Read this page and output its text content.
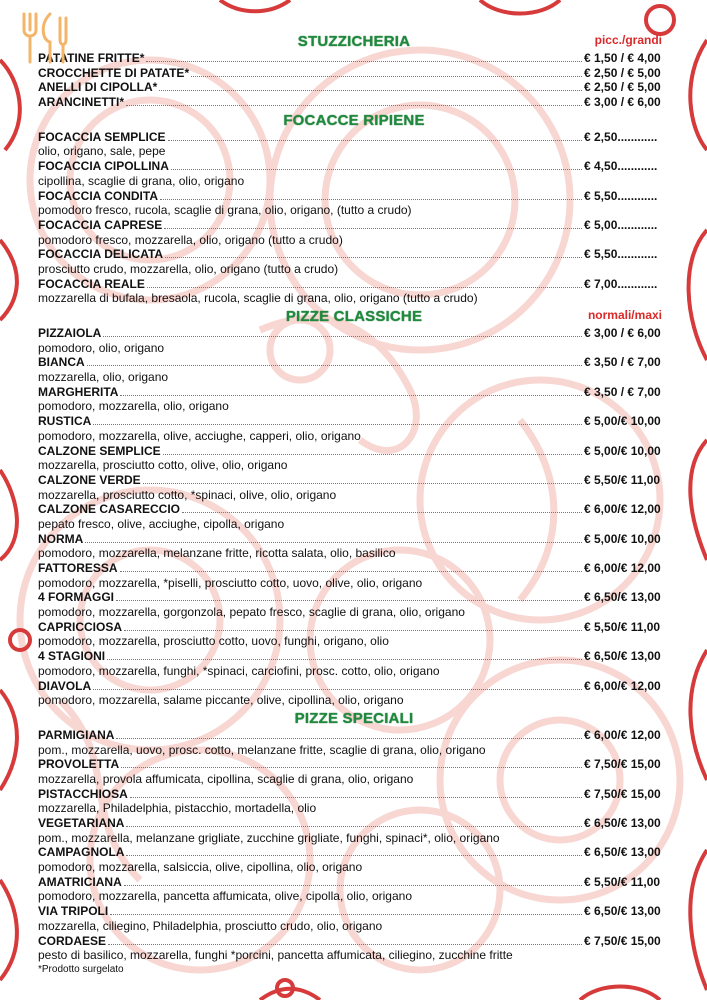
STUZZICHERIA	picc./grandi
PATATINE FRITTE*	€ 1,50 / € 4,00
CROCCHETTE DI PATATE*	€ 2,50 / € 5,00
ANELLI DI CIPOLLA*	€ 2,50 / € 5,00
ARANCINETTI*	€ 3,00 / € 6,00
FOCACCE RIPIENE
FOCACCIA SEMPLICE	€ 2,50............
olio, origano, sale, pepe
FOCACCIA CIPOLLINA	€ 4,50............
cipollina, scaglie di grana, olio, origano
FOCACCIA CONDITA	€ 5,50............
pomodoro fresco, rucola, scaglie di grana, olio, origano, (tutto a crudo)
FOCACCIA CAPRESE	€ 5,00............
pomodoro fresco, mozzarella, olio, origano (tutto a crudo)
FOCACCIA DELICATA	€ 5,50............
prosciutto crudo, mozzarella, olio, origano (tutto a crudo)
FOCACCIA REALE	€ 7,00............
mozzarella di bufala, bresaola, rucola, scaglie di grana, olio, origano (tutto a crudo)
PIZZE CLASSICHE	normali/maxi
PIZZAIOLA	€ 3,00 / € 6,00
pomodoro, olio, origano
BIANCA	€ 3,50 / € 7,00
mozzarella, olio, origano
MARGHERITA	€ 3,50 / € 7,00
pomodoro, mozzarella, olio, origano
RUSTICA	€ 5,00/€ 10,00
pomodoro, mozzarella, olive, acciughe, capperi, olio, origano
CALZONE SEMPLICE	€ 5,00/€ 10,00
mozzarella, prosciutto cotto, olive, olio, origano
CALZONE VERDE	€ 5,50/€ 11,00
mozzarella, prosciutto cotto, *spinaci, olive, olio, origano
CALZONE CASARECCIO	€ 6,00/€ 12,00
pepato fresco, olive, acciughe, cipolla, origano
NORMA	€ 5,00/€ 10,00
pomodoro, mozzarella, melanzane fritte, ricotta salata, olio, basilico
FATTORESSA	€ 6,00/€ 12,00
pomodoro, mozzarella, *piselli, prosciutto cotto, uovo, olive, olio, origano
4 FORMAGGI	€ 6,50/€ 13,00
pomodoro, mozzarella, gorgonzola, pepato fresco, scaglie di grana, olio, origano
CAPRICCIOSA	€ 5,50/€ 11,00
pomodoro, mozzarella, prosciutto cotto, uovo, funghi, origano, olio
4 STAGIONI	€ 6,50/€ 13,00
pomodoro, mozzarella, funghi, *spinaci, carciofini, prosc. cotto, olio, origano
DIAVOLA	€ 6,00/€ 12,00
pomodoro, mozzarella, salame piccante, olive, cipollina, olio, origano
PIZZE SPECIALI
PARMIGIANA	€ 6,00/€ 12,00
pom., mozzarella, uovo, prosc. cotto, melanzane fritte, scaglie di grana, olio, origano
PROVOLETTA	€ 7,50/€ 15,00
mozzarella, provola affumicata, cipollina, scaglie di grana, olio, origano
PISTACCHIOSA	€ 7,50/€ 15,00
mozzarella, Philadelphia, pistacchio, mortadella, olio
VEGETARIANA	€ 6,50/€ 13,00
pom., mozzarella, melanzane grigliate, zucchine grigliate, funghi, spinaci*, olio, origano
CAMPAGNOLA	€ 6,50/€ 13,00
pomodoro, mozzarella, salsiccia, olive, cipollina, olio, origano
AMATRICIANA	€ 5,50/€ 11,00
pomodoro, mozzarella, pancetta affumicata, olive, cipolla, olio, origano
VIA TRIPOLI	€ 6,50/€ 13,00
mozzarella, ciliegino, Philadelphia, prosciutto crudo, olio, origano
CORDAESE	€ 7,50/€ 15,00
pesto di basilico, mozzarella, funghi *porcini, pancetta affumicata, ciliegino, zucchine fritte
*Prodotto surgelato
